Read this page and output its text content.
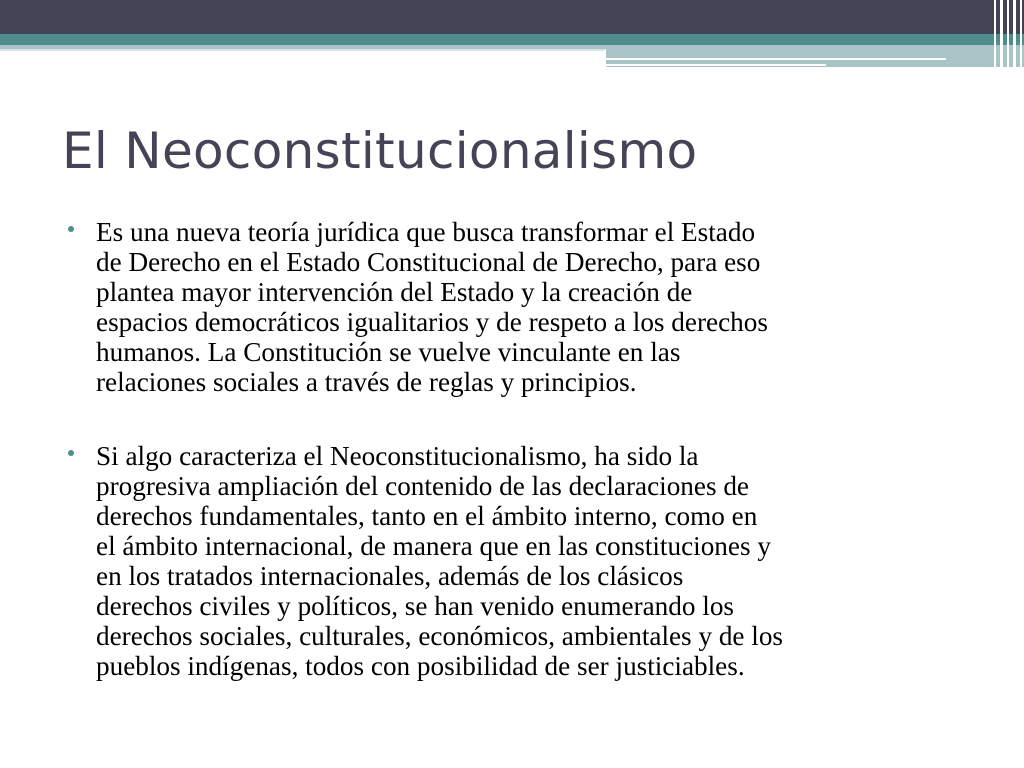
El Neoconstitucionalismo
Es una nueva teoría jurídica que busca transformar el Estado
de Derecho en el Estado Constitucional de Derecho, para eso
plantea mayor intervención del Estado y la creación de
espacios democráticos igualitarios y de respeto a los derechos
humanos. La Constitución se vuelve vinculante en las
relaciones sociales a través de reglas y principios.
Si algo caracteriza el Neoconstitucionalismo, ha sido la
progresiva ampliación del contenido de las declaraciones de
derechos fundamentales, tanto en el ámbito interno, como en
el ámbito internacional, de manera que en las constituciones y
en los tratados internacionales, además de los clásicos
derechos civiles y políticos, se han venido enumerando los
derechos sociales, culturales, económicos, ambientales y de los
pueblos indígenas, todos con posibilidad de ser justiciables.
